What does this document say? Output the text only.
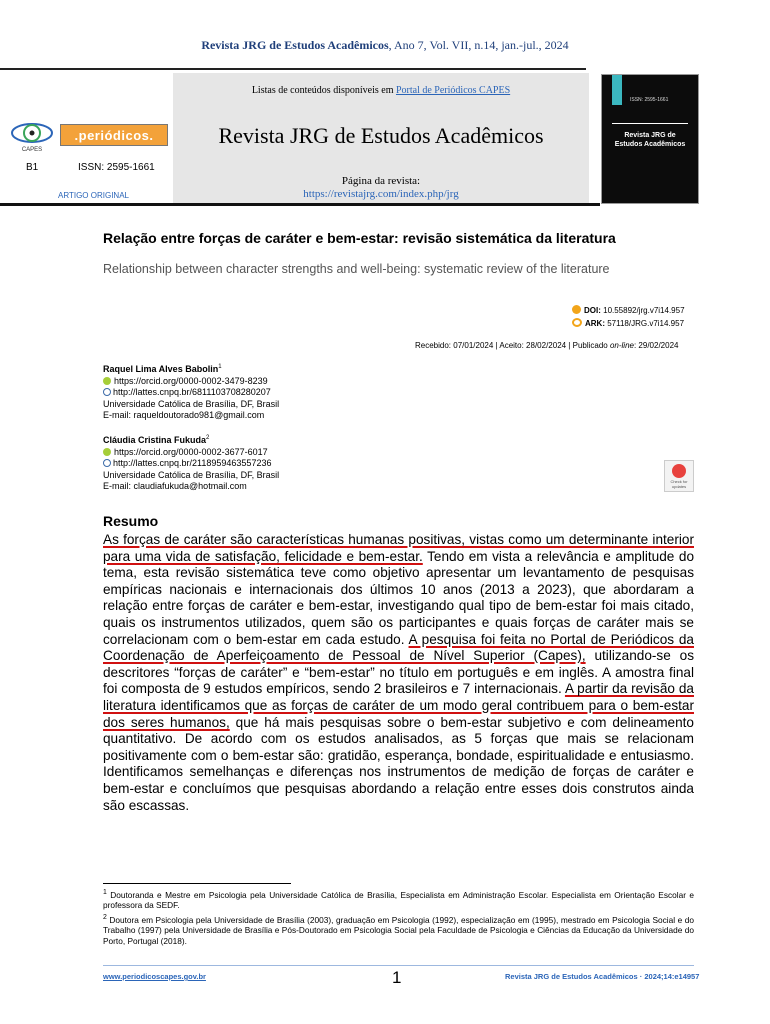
Revista JRG de Estudos Acadêmicos, Ano 7, Vol. VII, n.14, jan.-jul., 2024
CAPES
.periódicos.
B1	ISSN: 2595-1661
ARTIGO ORIGINAL
Listas de conteúdos disponíveis em Portal de Periódicos CAPES
Revista JRG de Estudos Acadêmicos
Página da revista:
https://revistajrg.com/index.php/jrg
ISSN: 2595-1661
Revista JRG de
Estudos Acadêmicos
Relação entre forças de caráter e bem-estar: revisão sistemática da literatura
Relationship between character strengths and well-being: systematic review of the literature
DOI: 10.55892/jrg.v7i14.957
ARK: 57118/JRG.v7i14.957
Recebido: 07/01/2024 | Aceito: 28/02/2024 | Publicado on-line: 29/02/2024
Raquel Lima Alves Babolin$^1$
https://orcid.org/0000-0002-3479-8239
http://lattes.cnpq.br/6811103708280207
Universidade Católica de Brasília, DF, Brasil
E-mail: raqueldoutorado981@gmail.com
Cláudia Cristina Fukuda$^2$
https://orcid.org/0000-0002-3677-6017
http://lattes.cnpq.br/2118959463557236
Universidade Católica de Brasília, DF, Brasil
E-mail: claudiafukuda@hotmail.com	Check for
updates
Resumo
As forças de caráter são características humanas positivas, vistas como um determinante interior para uma vida de satisfação, felicidade e bem-estar. Tendo em vista a relevância e amplitude do tema, esta revisão sistemática teve como objetivo apresentar um levantamento de pesquisas empíricas nacionais e internacionais dos últimos 10 anos (2013 a 2023), que abordaram a relação entre forças de caráter e bem-estar, investigando qual tipo de bem-estar foi mais citado, quais os instrumentos utilizados, quem são os participantes e quais forças de caráter mais se correlacionam com o bem-estar em cada estudo. A pesquisa foi feita no Portal de Periódicos da Coordenação de Aperfeiçoamento de Pessoal de Nível Superior (Capes), utilizando-se os descritores “forças de caráter” e “bem-estar” no título em português e em inglês. A amostra final foi composta de 9 estudos empíricos, sendo 2 brasileiros e 7 internacionais. A partir da revisão da literatura identificamos que as forças de caráter de um modo geral contribuem para o bem-estar dos seres humanos, que há mais pesquisas sobre o bem-estar subjetivo e com delineamento quantitativo. De acordo com os estudos analisados, as 5 forças que mais se relacionam positivamente com o bem-estar são: gratidão, esperança, bondade, espiritualidade e entusiasmo. Identificamos semelhanças e diferenças nos instrumentos de medição de forças de caráter e bem-estar e concluímos que pesquisas abordando a relação entre esses dois construtos ainda são escassas.

$^1$ Doutoranda e Mestre em Psicologia pela Universidade Católica de Brasília, Especialista em Administração Escolar. Especialista em Orientação Escolar e professora da SEDF.

$^2$ Doutora em Psicologia pela Universidade de Brasília (2003), graduação em Psicologia (1992), especialização em (1995), mestrado em Psicologia Social e do Trabalho (1997) pela Universidade de Brasília e Pós-Doutorado em Psicologia Social pela Faculdade de Psicologia e Ciências da Educação da Universidade do Porto, Portugal (2018).

www.periodicoscapes.gov.br	1	Revista JRG de Estudos Acadêmicos · 2024;14:e14957
